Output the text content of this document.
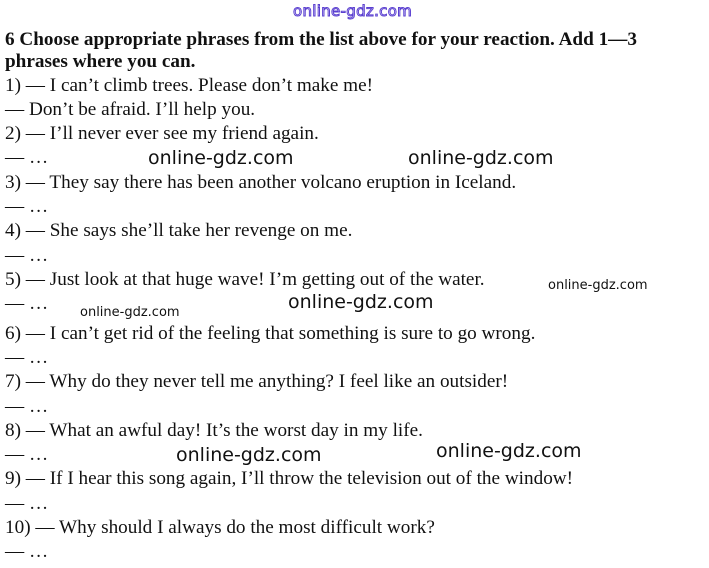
online-gdz.com
6 Choose appropriate phrases from the list above for your reaction. Add 1—3
phrases where you can.
1) — I can’t climb trees. Please don’t make me!
— Don’t be afraid. I’ll help you.
2) — I’ll never ever see my friend again.
— …
3) — They say there has been another volcano eruption in Iceland.
— …
4) — She says she’ll take her revenge on me.
— …
5) — Just look at that huge wave! I’m getting out of the water.
— …
6) — I can’t get rid of the feeling that something is sure to go wrong.
— …
7) — Why do they never tell me anything? I feel like an outsider!
— …
8) — What an awful day! It’s the worst day in my life.
— …
9) — If I hear this song again, I’ll throw the television out of the window!
— …
10) — Why should I always do the most difficult work?
— …
online-gdz.com	online-gdz.com
online-gdz.com
online-gdz.com
online-gdz.com
online-gdz.com
online-gdz.com
